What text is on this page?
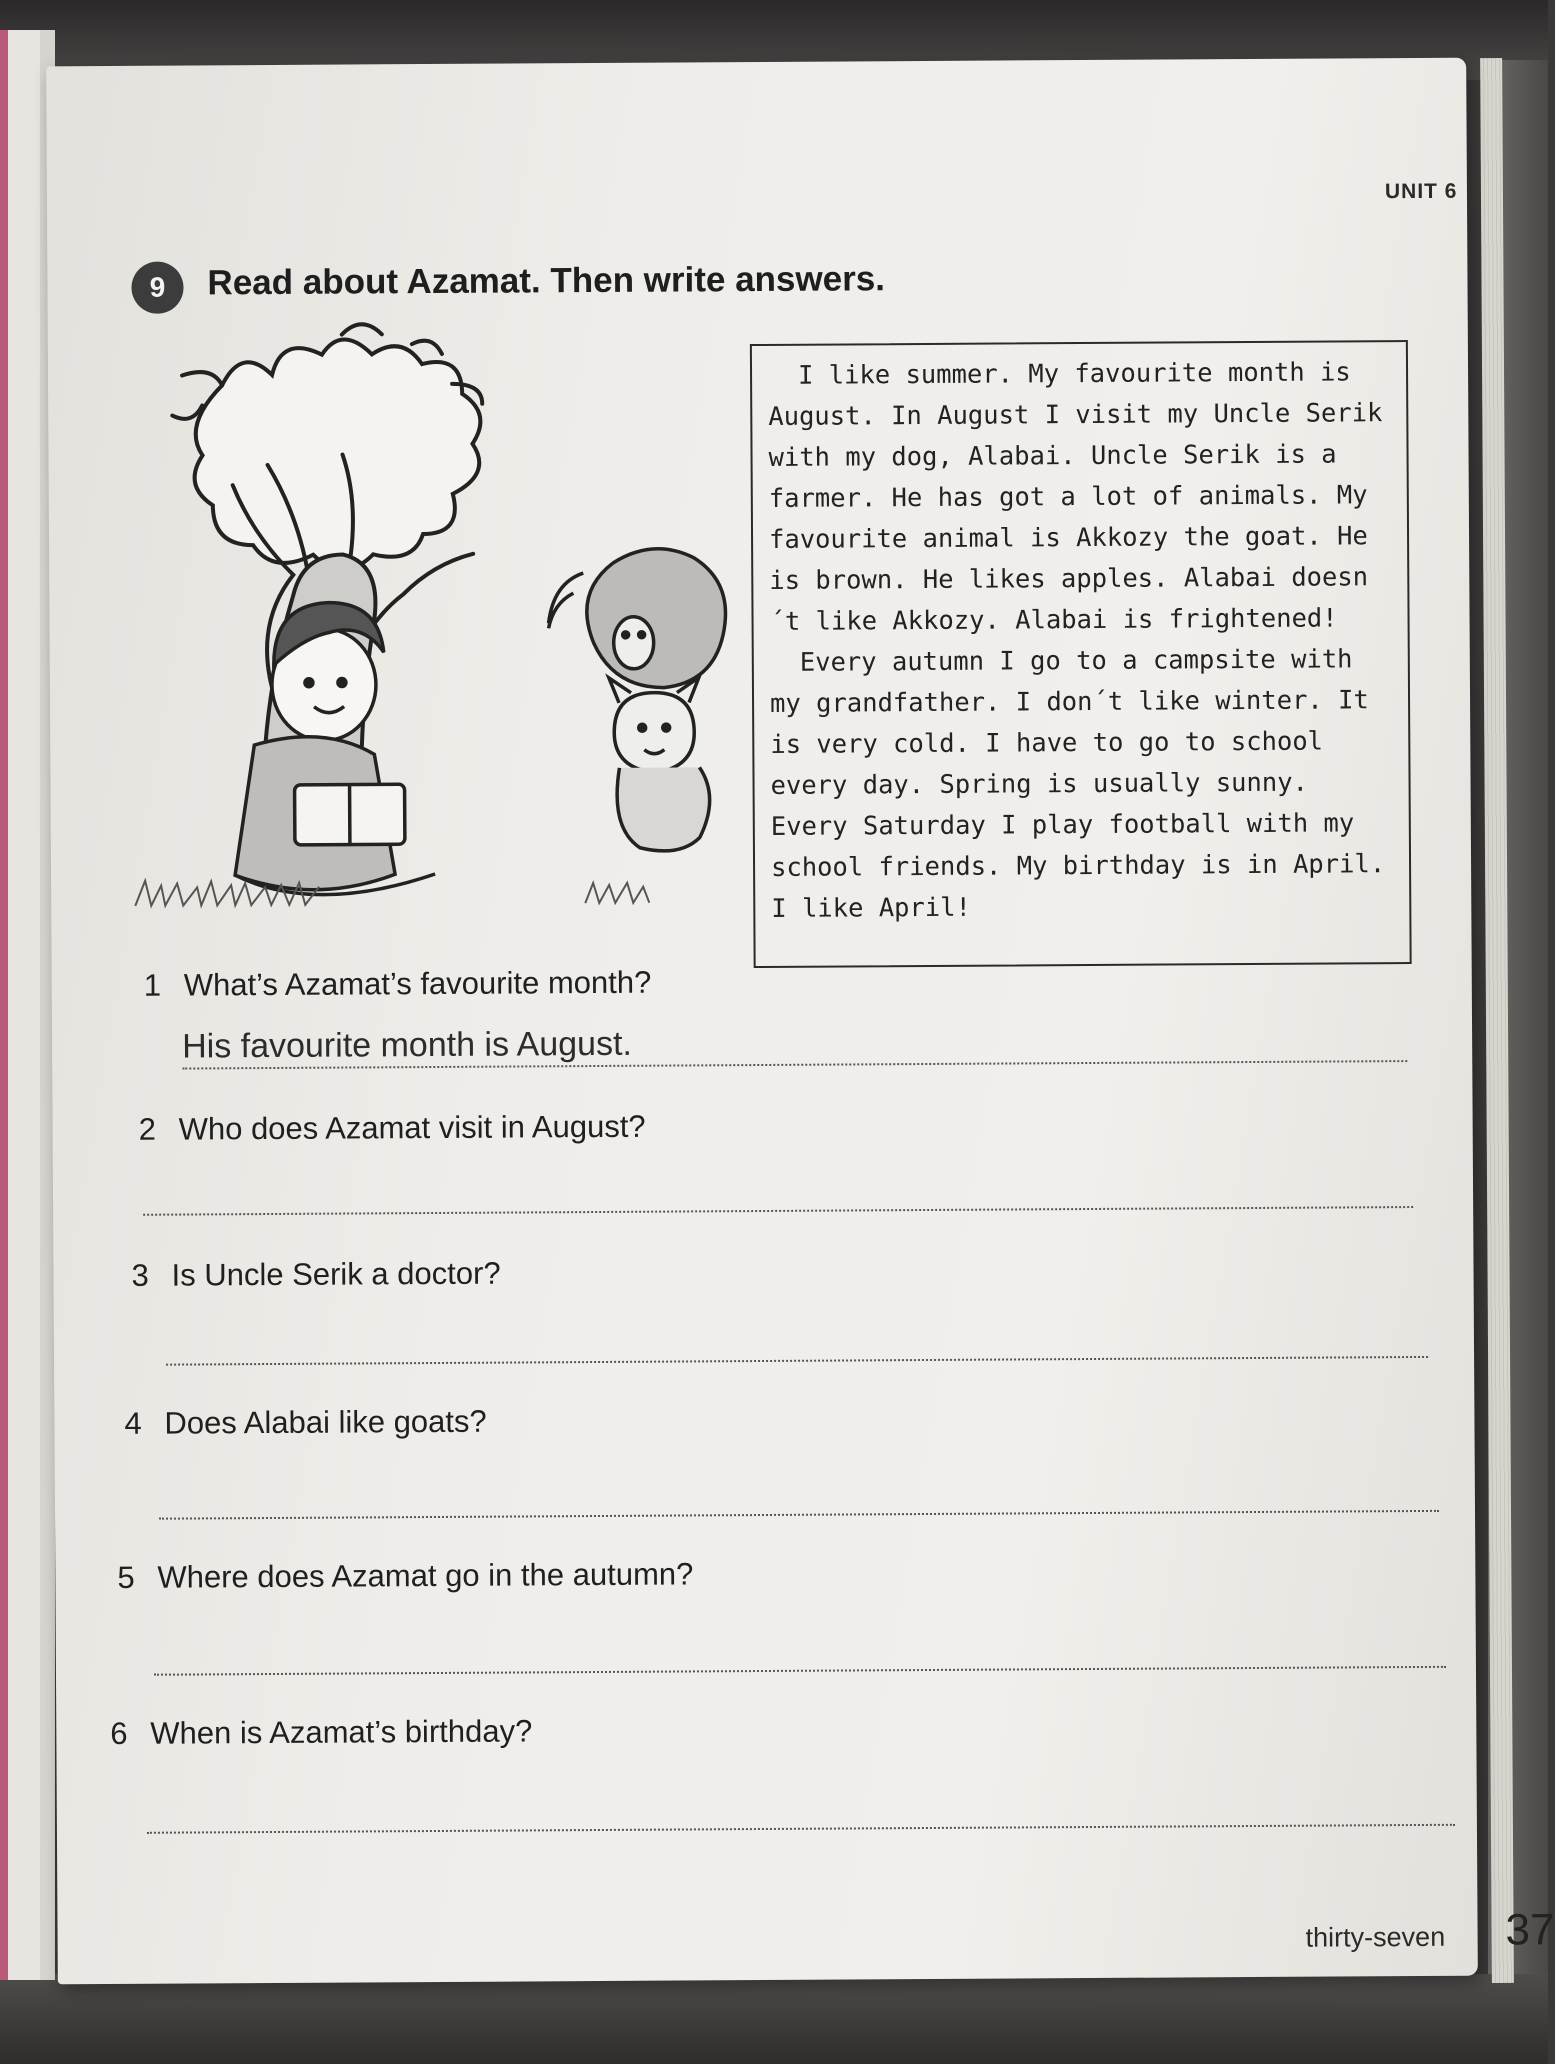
UNIT 6
9	Read about Azamat. Then write answers.

I like summer. My favourite month is August. In August I visit my Uncle Serik with my dog, Alabai. Uncle Serik is a farmer. He has got a lot of animals. My favourite animal is Akkozy the goat. He is brown. He likes apples. Alabai doesn´t like Akkozy. Alabai is frightened!

Every autumn I go to a campsite with my grandfather. I don´t like winter. It is very cold. I have to go to school every day. Spring is usually sunny. Every Saturday I play football with my school friends. My birthday is in April. I like April!

1 What’s Azamat’s favourite month?
His favourite month is August.
2 Who does Azamat visit in August?
3 Is Uncle Serik a doctor?
4 Does Alabai like goats?
5 Where does Azamat go in the autumn?
6 When is Azamat’s birthday?
thirty-seven 37
